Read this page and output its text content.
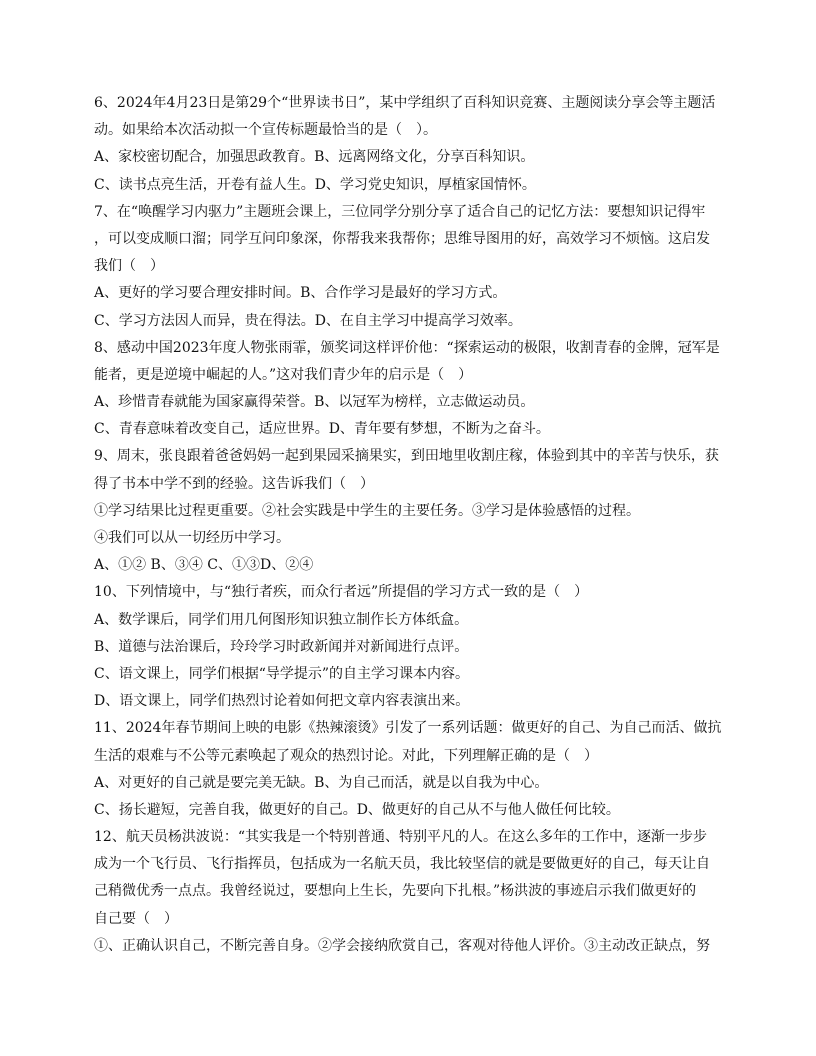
6、2024年4月23日是第29个“世界读书日”，某中学组织了百科知识竞赛、主题阅读分享会等主题活
动。如果给本次活动拟一个宣传标题最恰当的是（　）。
A、家校密切配合，加强思政教育。B、远离网络文化，分享百科知识。
C、读书点亮生活，开卷有益人生。D、学习党史知识，厚植家国情怀。
7、在“唤醒学习内驱力”主题班会课上，三位同学分别分享了适合自己的记忆方法：要想知识记得牢
，可以变成顺口溜；同学互问印象深，你帮我来我帮你；思维导图用的好，高效学习不烦恼。这启发
我们（　）
A、更好的学习要合理安排时间。B、合作学习是最好的学习方式。
C、学习方法因人而异，贵在得法。D、在自主学习中提高学习效率。
8、感动中国2023年度人物张雨霏，颁奖词这样评价他：“探索运动的极限，收割青春的金牌，冠军是
能者，更是逆境中崛起的人。”这对我们青少年的启示是（　）
A、珍惜青春就能为国家赢得荣誉。B、以冠军为榜样，立志做运动员。
C、青春意味着改变自己，适应世界。D、青年要有梦想，不断为之奋斗。
9、周末，张良跟着爸爸妈妈一起到果园采摘果实，到田地里收割庄稼，体验到其中的辛苦与快乐，获
得了书本中学不到的经验。这告诉我们（　）
①学习结果比过程更重要。②社会实践是中学生的主要任务。③学习是体验感悟的过程。
④我们可以从一切经历中学习。
A、①② B、③④ C、①③D、②④
10、下列情境中，与“独行者疾，而众行者远”所提倡的学习方式一致的是（　）
A、数学课后，同学们用几何图形知识独立制作长方体纸盒。
B、道德与法治课后，玲玲学习时政新闻并对新闻进行点评。
C、语文课上，同学们根据“导学提示”的自主学习课本内容。
D、语文课上，同学们热烈讨论着如何把文章内容表演出来。
11、2024年春节期间上映的电影《热辣滚烫》引发了一系列话题：做更好的自己、为自己而活、做抗
生活的艰难与不公等元素唤起了观众的热烈讨论。对此，下列理解正确的是（　）
A、对更好的自己就是要完美无缺。B、为自己而活，就是以自我为中心。
C、扬长避短，完善自我，做更好的自己。D、做更好的自己从不与他人做任何比较。
12、航天员杨洪波说：“其实我是一个特别普通、特别平凡的人。在这么多年的工作中，逐渐一步步
成为一个飞行员、飞行指挥员，包括成为一名航天员，我比较坚信的就是要做更好的自己，每天让自
己稍微优秀一点点。我曾经说过，要想向上生长，先要向下扎根。”杨洪波的事迹启示我们做更好的
自己要（　）
①、正确认识自己，不断完善自身。②学会接纳欣赏自己，客观对待他人评价。③主动改正缺点，努
